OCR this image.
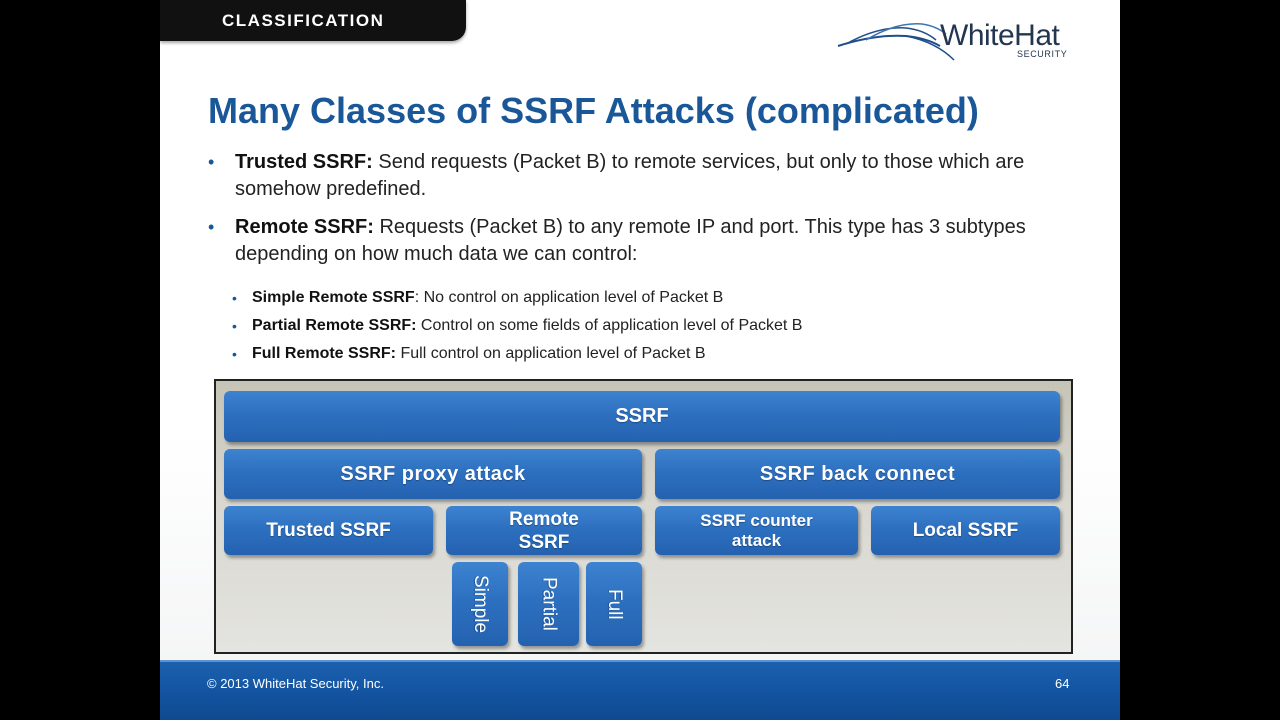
CLASSIFICATION	WhiteHat
SECURITY
Many Classes of SSRF Attacks (complicated)
• Trusted SSRF: Send requests (Packet B) to remote services, but only to those which are somehow predefined.
• Remote SSRF: Requests (Packet B) to any remote IP and port. This type has 3 subtypes depending on how much data we can control:
• Simple Remote SSRF: No control on application level of Packet B
• Partial Remote SSRF: Control on some fields of application level of Packet B
• Full Remote SSRF: Full control on application level of Packet B
SSRF
SSRF proxy attack	SSRF back connect
Trusted SSRF
Remote SSRF
SSRF counter attack	Local SSRF
Simple	Partial	Full
© 2013 WhiteHat Security, Inc.	64
